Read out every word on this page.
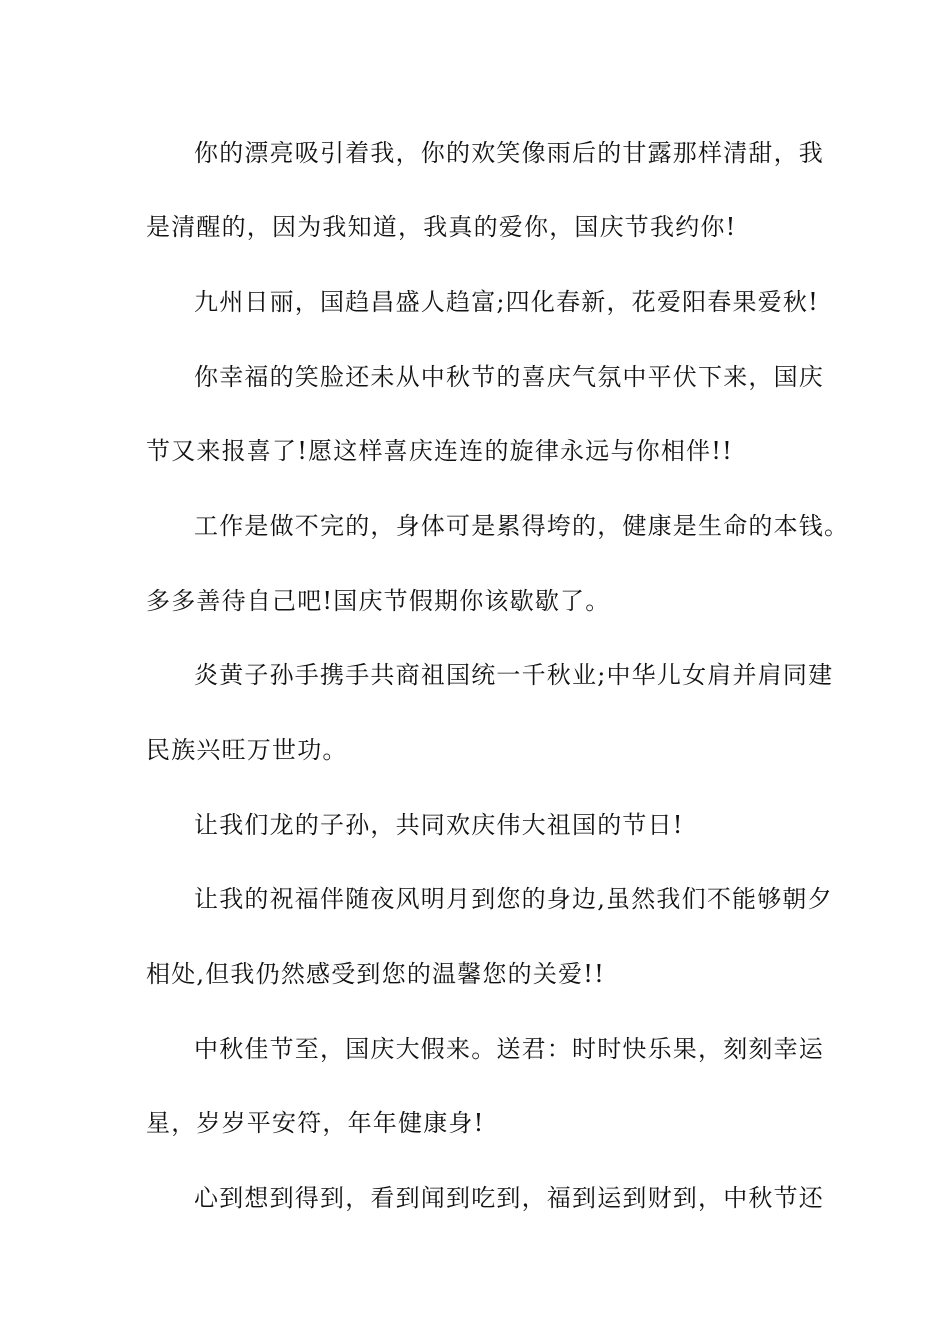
你的漂亮吸引着我，你的欢笑像雨后的甘露那样清甜，我
是清醒的，因为我知道，我真的爱你，国庆节我约你!
九州日丽，国趋昌盛人趋富;四化春新，花爱阳春果爱秋!
你幸福的笑脸还未从中秋节的喜庆气氛中平伏下来，国庆
节又来报喜了!愿这样喜庆连连的旋律永远与你相伴!!
工作是做不完的，身体可是累得垮的，健康是生命的本钱。
多多善待自己吧!国庆节假期你该歇歇了。
炎黄子孙手携手共商祖国统一千秋业;中华儿女肩并肩同建
民族兴旺万世功。
让我们龙的子孙，共同欢庆伟大祖国的节日!
让我的祝福伴随夜风明月到您的身边,虽然我们不能够朝夕
相处,但我仍然感受到您的温馨您的关爱!!
中秋佳节至，国庆大假来。送君：时时快乐果，刻刻幸运
星，岁岁平安符，年年健康身!
心到想到得到，看到闻到吃到，福到运到财到，中秋节还
